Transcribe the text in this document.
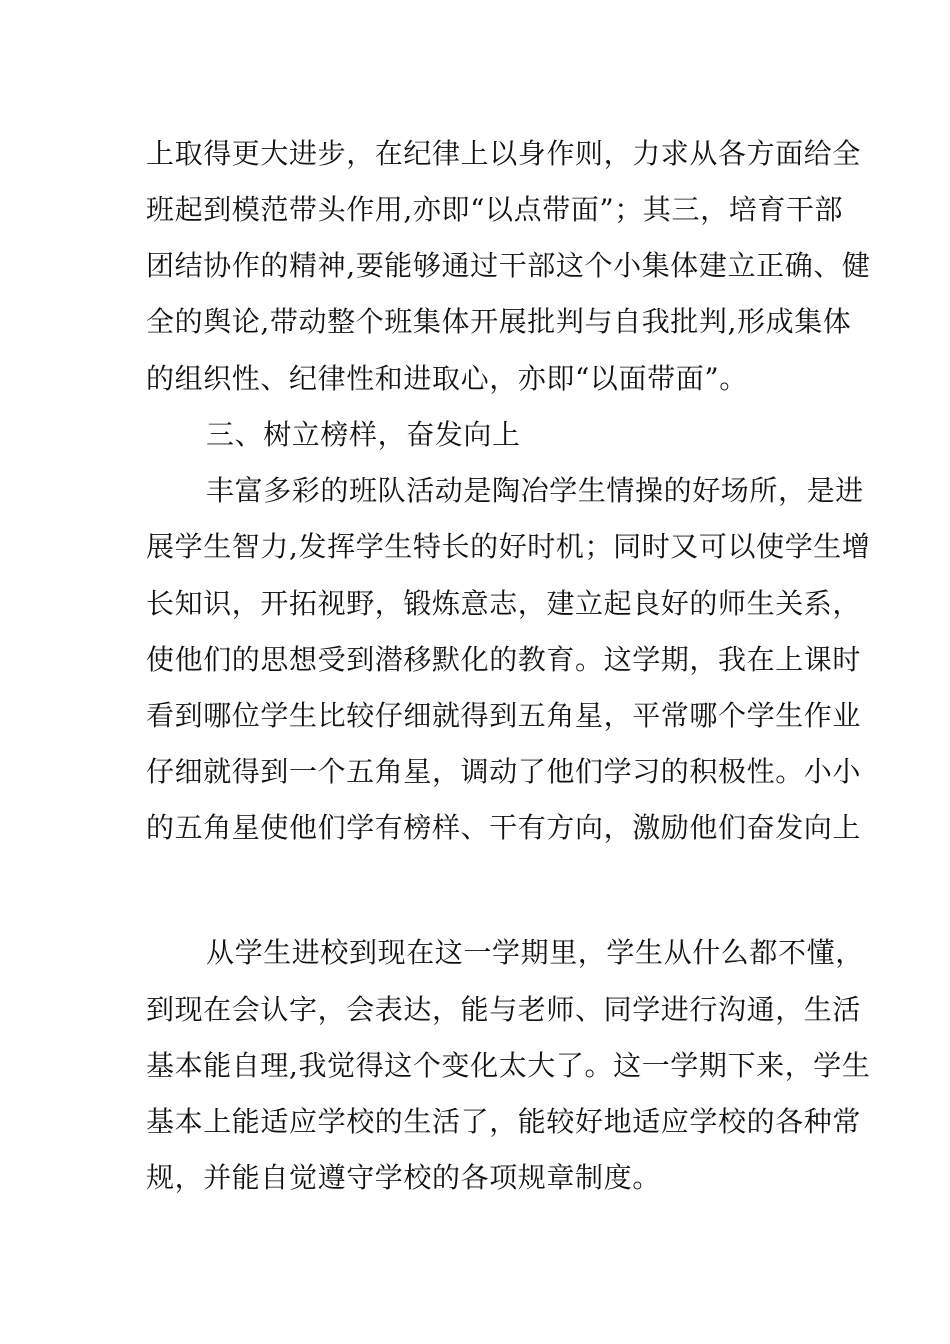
上取得更大进步，在纪律上以身作则，力求从各方面给全
班起到模范带头作用,亦即“以点带面”；其三，培育干部
团结协作的精神,要能够通过干部这个小集体建立正确、健
全的舆论,带动整个班集体开展批判与自我批判,形成集体
的组织性、纪律性和进取心，亦即“以面带面”。
三、树立榜样，奋发向上
丰富多彩的班队活动是陶冶学生情操的好场所，是进
展学生智力,发挥学生特长的好时机；同时又可以使学生增
长知识，开拓视野，锻炼意志，建立起良好的师生关系，
使他们的思想受到潜移默化的教育。这学期，我在上课时
看到哪位学生比较仔细就得到五角星，平常哪个学生作业
仔细就得到一个五角星，调动了他们学习的积极性。小小
的五角星使他们学有榜样、干有方向，激励他们奋发向上
从学生进校到现在这一学期里，学生从什么都不懂，
到现在会认字，会表达，能与老师、同学进行沟通，生活
基本能自理,我觉得这个变化太大了。这一学期下来，学生
基本上能适应学校的生活了，能较好地适应学校的各种常
规，并能自觉遵守学校的各项规章制度。
